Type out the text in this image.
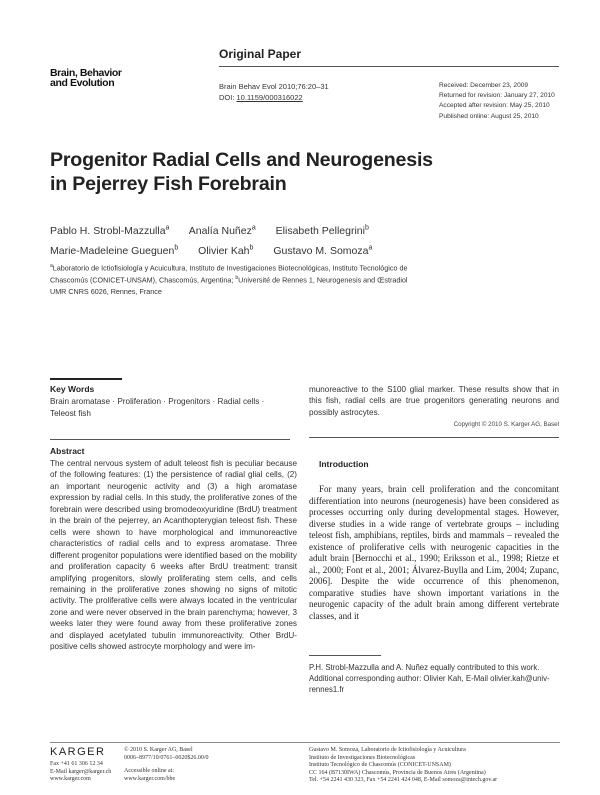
Original Paper
Brain, Behavior
and Evolution	Brain Behav Evol 2010;76:20–31
DOI: 10.1159/000316022
Received: December 23, 2009
Returned for revision: January 27, 2010
Accepted after revision: May 25, 2010
Published online: August 25, 2010
Progenitor Radial Cells and Neurogenesis
in Pejerrey Fish Forebrain
Pablo H. Strobl-Mazzulla$^a$ Analía Nuñez$^a$ Elisabeth Pellegrini$^b$
Marie-Madeleine Gueguen$^b$ Olivier Kah$^b$ Gustavo M. Somoza$^a$
$^a$Laboratorio de Ictiofisiología y Acuicultura, Instituto de Investigaciones Biotecnológicas, Instituto Tecnológico de Chascomús (CONICET-UNSAM), Chascomús, Argentina; $^b$Université de Rennes 1, Neurogenesis and Œstradiol UMR CNRS 6026, Rennes, France
Key Words
Brain aromatase · Proliferation · Progenitors · Radial cells · Teleost fish
Abstract
The central nervous system of adult teleost fish is peculiar because of the following features: (1) the persistence of radial glial cells, (2) an important neurogenic activity and (3) a high aromatase expression by radial cells. In this study, the proliferative zones of the forebrain were described using bromodeoxyuridine (BrdU) treatment in the brain of the pejerrey, an Acanthopterygian teleost fish. These cells were shown to have morphological and immunoreactive characteristics of radial cells and to express aromatase. Three different progenitor populations were identified based on the mobility and proliferation capacity 6 weeks after BrdU treatment: transit amplifying progenitors, slowly proliferating stem cells, and cells remaining in the proliferative zones showing no signs of mitotic activity. The proliferative cells were always located in the ventricular zone and were never observed in the brain parenchyma; however, 3 weeks later they were found away from these proliferative zones and displayed acetylated tubulin immunoreactivity. Other BrdU-positive cells showed astrocyte morphology and were im-
munoreactive to the S100 glial marker. These results show that in this fish, radial cells are true progenitors generating neurons and possibly astrocytes.
Copyright © 2010 S. Karger AG, Basel
Introduction

For many years, brain cell proliferation and the concomitant differentiation into neurons (neurogenesis) have been considered as processes occurring only during developmental stages. However, diverse studies in a wide range of vertebrate groups – including teleost fish, amphibians, reptiles, birds and mammals – revealed the existence of proliferative cells with neurogenic capacities in the adult brain [Bernocchi et al., 1990; Eriksson et al., 1998; Rietze et al., 2000; Font et al., 2001; Álvarez-Buylla and Lim, 2004; Zupanc, 2006]. Despite the wide occurrence of this phenomenon, comparative studies have shown important variations in the neurogenic capacity of the adult brain among different vertebrate classes, and it

P.H. Strobl-Mazzulla and A. Nuñez equally contributed to this work.
Additional corresponding author: Olivier Kah, E-Mail olivier.kah@univ-rennes1.fr
KARGER
Fax +41 61 306 12 34
E-Mail karger@karger.ch
www.karger.com
© 2010 S. Karger AG, Basel
0006–8977/10/0761–0020$26.00/0
Accessible online at:
www.karger.com/bbe
Gustavo M. Somoza, Laboratorio de Ictiofisiología y Acuicultura
Instituto de Investigaciones Biotecnológicas
Instituto Tecnológico de Chascomús (CONICET-UNSAM)
CC 164 (B7130IWA) Chascomús, Provincia de Buenos Aires (Argentina)
Tel. +54 2241 430 323, Fax +54 2241 424 048, E-Mail somoza@intech.gov.ar
